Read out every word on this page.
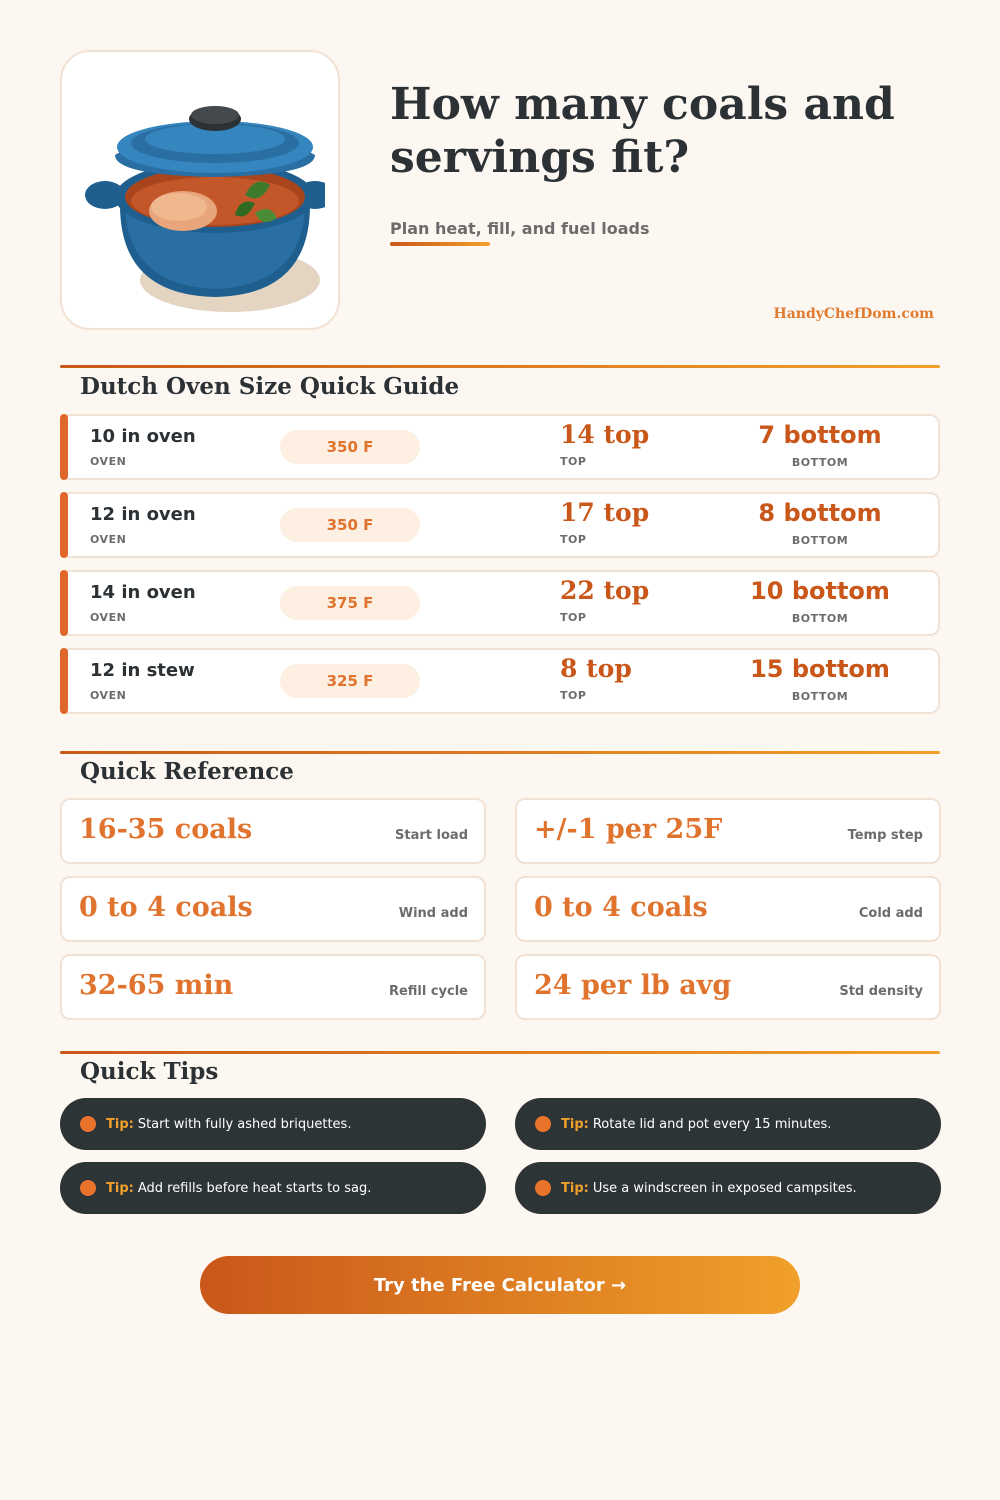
How many coals and servings fit?
Plan heat, fill, and fuel loads
HandyChefDom.com
Dutch Oven Size Quick Guide
10 in oven
OVEN
350 F	14 top
TOP
7 bottom
BOTTOM
12 in oven
OVEN
350 F	17 top
TOP
8 bottom
BOTTOM
14 in oven
OVEN
375 F	22 top
TOP
10 bottom
BOTTOM
12 in stew
OVEN
325 F	8 top
TOP
15 bottom
BOTTOM
Quick Reference
16-35 coals	Start load +/-1 per 25F	Temp step
0 to 4 coals	Wind add 0 to 4 coals	Cold add
32-65 min	Refill cycle 24 per lb avg	Std density
Quick Tips
Tip: Start with fully ashed briquettes.	Tip: Rotate lid and pot every 15 minutes.
Tip: Add refills before heat starts to sag.	Tip: Use a windscreen in exposed campsites.
Try the Free Calculator →
